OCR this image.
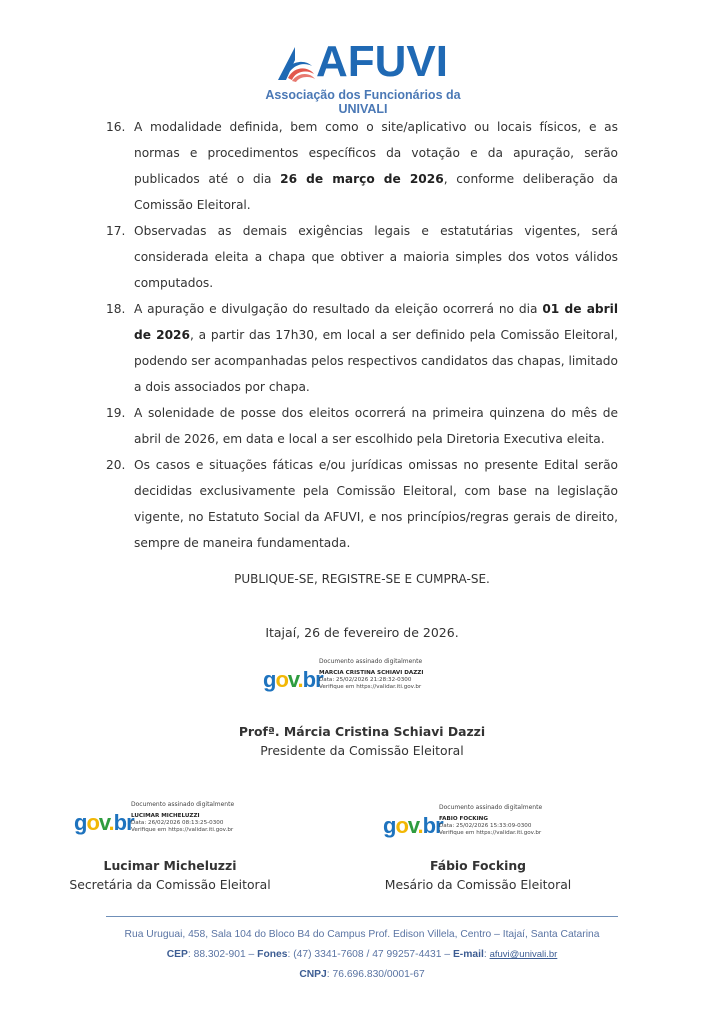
AFUVI
Associação dos Funcionários da UNIVALI
16. A modalidade definida, bem como o site/aplicativo ou locais físicos, e as normas e procedimentos específicos da votação e da apuração, serão publicados até o dia 26 de março de 2026, conforme deliberação da Comissão Eleitoral.
17. Observadas as demais exigências legais e estatutárias vigentes, será considerada eleita a chapa que obtiver a maioria simples dos votos válidos computados.
18. A apuração e divulgação do resultado da eleição ocorrerá no dia 01 de abril de 2026, a partir das 17h30, em local a ser definido pela Comissão Eleitoral, podendo ser acompanhadas pelos respectivos candidatos das chapas, limitado a dois associados por chapa.
19. A solenidade de posse dos eleitos ocorrerá na primeira quinzena do mês de abril de 2026, em data e local a ser escolhido pela Diretoria Executiva eleita.
20. Os casos e situações fáticas e/ou jurídicas omissas no presente Edital serão decididas exclusivamente pela Comissão Eleitoral, com base na legislação vigente, no Estatuto Social da AFUVI, e nos princípios/regras gerais de direito, sempre de maneira fundamentada.
PUBLIQUE-SE, REGISTRE-SE E CUMPRA-SE.
Itajaí, 26 de fevereiro de 2026.
gov.br
Documento assinado digitalmente
MARCIA CRISTINA SCHIAVI DAZZI
Data: 25/02/2026 21:28:32-0300
Verifique em https://validar.iti.gov.br
Profª. Márcia Cristina Schiavi Dazzi
Presidente da Comissão Eleitoral
gov.br
Documento assinado digitalmente
LUCIMAR MICHELUZZI
Data: 26/02/2026 08:13:25-0300
Verifique em https://validar.iti.gov.br
Lucimar Micheluzzi
Secretária da Comissão Eleitoral
gov.br
Documento assinado digitalmente
FABIO FOCKING
Data: 25/02/2026 15:33:09-0300
Verifique em https://validar.iti.gov.br
Fábio Focking
Mesário da Comissão Eleitoral
Rua Uruguai, 458, Sala 104 do Bloco B4 do Campus Prof. Edison Villela, Centro – Itajaí, Santa Catarina
CEP: 88.302-901 – Fones: (47) 3341-7608 / 47 99257-4431 – E-mail: afuvi@univali.br
CNPJ: 76.696.830/0001-67
